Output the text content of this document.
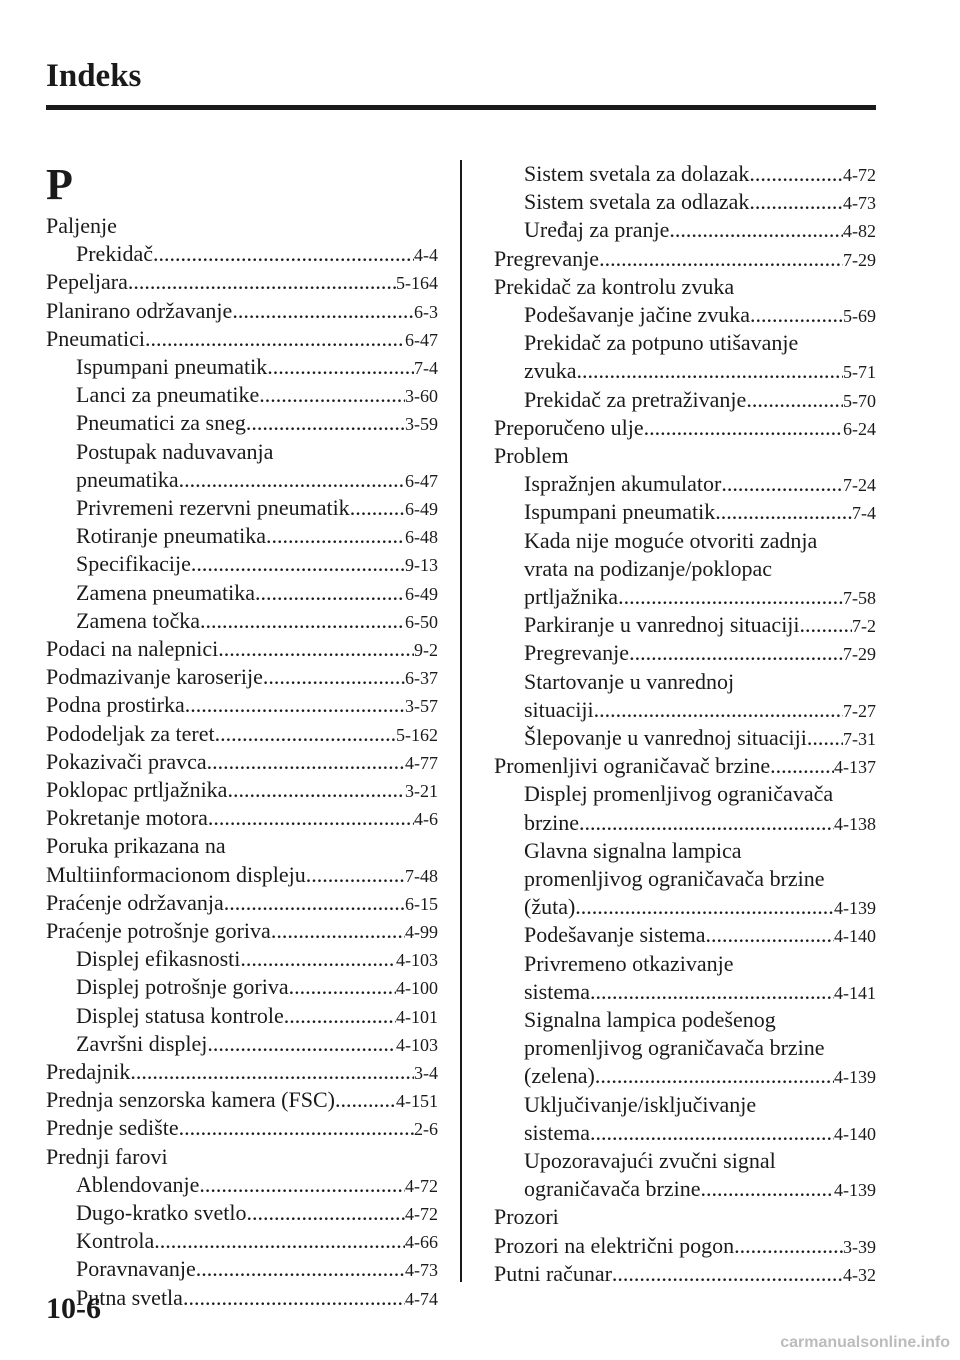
Indeks
P
Paljenje
Prekidač .....	4-4
Pepeljara .....	5-164
Planirano održavanje .....	6-3
Pneumatici .....	6-47
Ispumpani pneumatik .....	7-4
Lanci za pneumatike .....	3-60
Pneumatici za sneg .....	3-59
Postupak naduvavanja
pneumatika .....	6-47
Privremeni rezervni pneumatik .....	6-49
Rotiranje pneumatika .....	6-48
Specifikacije .....	9-13
Zamena pneumatika .....	6-49
Zamena točka .....	6-50
Podaci na nalepnici .....	9-2
Podmazivanje karoserije .....	6-37
Podna prostirka .....	3-57
Pododeljak za teret .....	5-162
Pokazivači pravca .....	4-77
Poklopac prtljažnika .....	3-21
Pokretanje motora .....	4-6
Poruka prikazana na
Multiinformacionom displeju .....	7-48
Praćenje održavanja .....	6-15
Praćenje potrošnje goriva .....	4-99
Displej efikasnosti .....	4-103
Displej potrošnje goriva .....	4-100
Displej statusa kontrole .....	4-101
Završni displej .....	4-103
Predajnik .....	3-4
Prednja senzorska kamera (FSC) .....	4-151
Prednje sedište .....	2-6
Prednji farovi
Ablendovanje .....	4-72
Dugo-kratko svetlo .....	4-72
Kontrola .....	4-66
Poravnavanje .....	4-73
Putna svetla .....	4-74
Sistem svetala za dolazak .....	4-72
Sistem svetala za odlazak .....	4-73
Uređaj za pranje .....	4-82
Pregrevanje .....	7-29
Prekidač za kontrolu zvuka
Podešavanje jačine zvuka .....	5-69
Prekidač za potpuno utišavanje
zvuka .....	5-71
Prekidač za pretraživanje .....	5-70
Preporučeno ulje .....	6-24
Problem
Ispražnjen akumulator .....	7-24
Ispumpani pneumatik .....	7-4
Kada nije moguće otvoriti zadnja
vrata na podizanje/poklopac
prtljažnika .....	7-58
Parkiranje u vanrednoj situaciji .....	7-2
Pregrevanje .....	7-29
Startovanje u vanrednoj
situaciji .....	7-27
Šlepovanje u vanrednoj situaciji ..... 7-31
Promenljivi ograničavač brzine .....	4-137
Displej promenljivog ograničavača
brzine .....	4-138
Glavna signalna lampica
promenljivog ograničavača brzine
(žuta) .....	4-139
Podešavanje sistema .....	4-140
Privremeno otkazivanje
sistema .....	4-141
Signalna lampica podešenog
promenljivog ograničavača brzine
(zelena) .....	4-139
Uključivanje/isključivanje
sistema .....	4-140
Upozoravajući zvučni signal
ograničavača brzine .....	4-139
Prozori
Prozori na električni pogon .....	3-39
Putni računar .....	4-32
10-6
carmanualsonline.info
